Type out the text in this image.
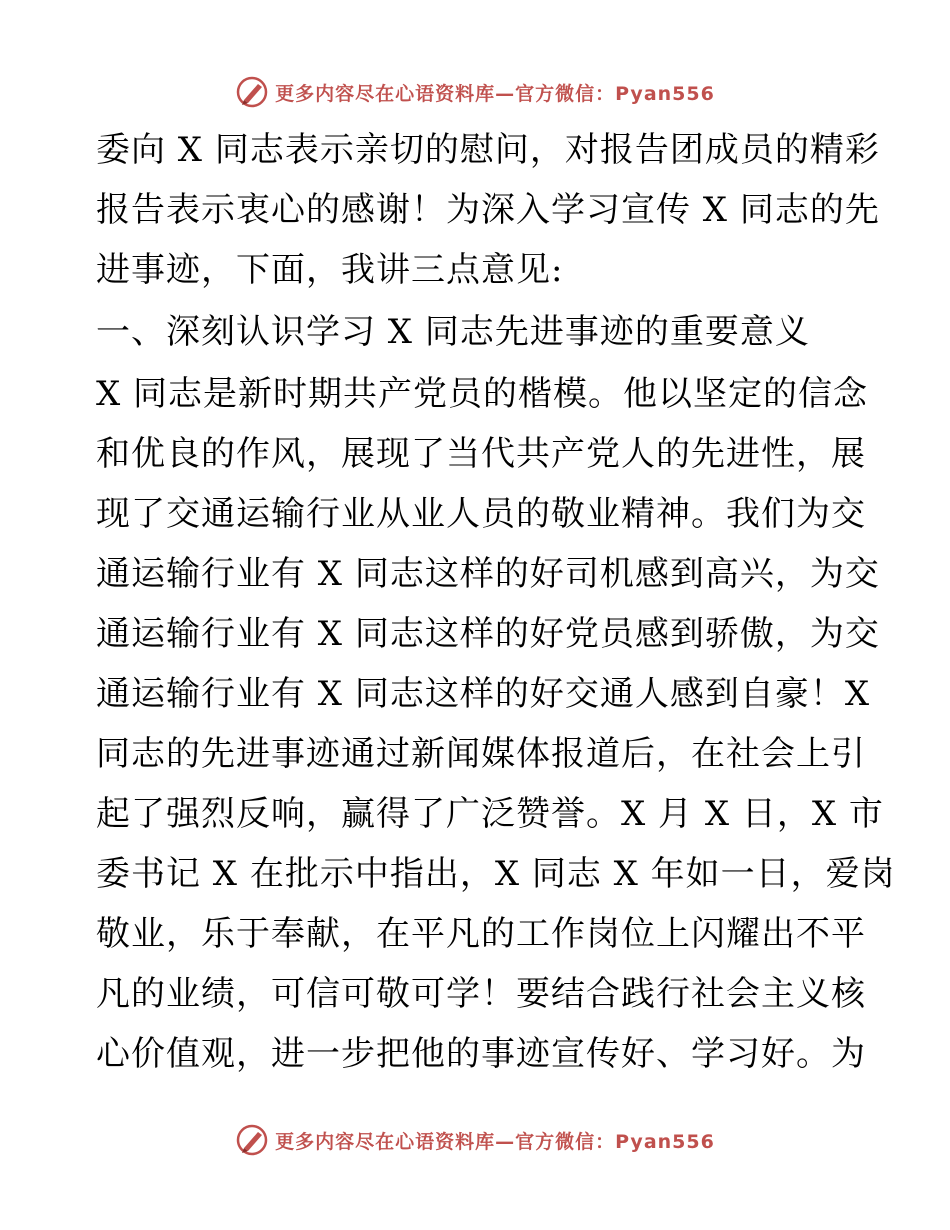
更多内容尽在心语资料库—官方微信：Pyan556
委向 X 同志表示亲切的慰问，对报告团成员的精彩
报告表示衷心的感谢！为深入学习宣传 X 同志的先
进事迹，下面，我讲三点意见:
一、深刻认识学习 X 同志先进事迹的重要意义
X 同志是新时期共产党员的楷模。他以坚定的信念
和优良的作风，展现了当代共产党人的先进性，展
现了交通运输行业从业人员的敬业精神。我们为交
通运输行业有 X 同志这样的好司机感到高兴，为交
通运输行业有 X 同志这样的好党员感到骄傲，为交
通运输行业有 X 同志这样的好交通人感到自豪！X
同志的先进事迹通过新闻媒体报道后，在社会上引
起了强烈反响，赢得了广泛赞誉。X 月 X 日，X 市
委书记 X 在批示中指出，X 同志 X 年如一日，爱岗
敬业，乐于奉献，在平凡的工作岗位上闪耀出不平
凡的业绩，可信可敬可学！要结合践行社会主义核
心价值观，进一步把他的事迹宣传好、学习好。为
更多内容尽在心语资料库—官方微信：Pyan556
